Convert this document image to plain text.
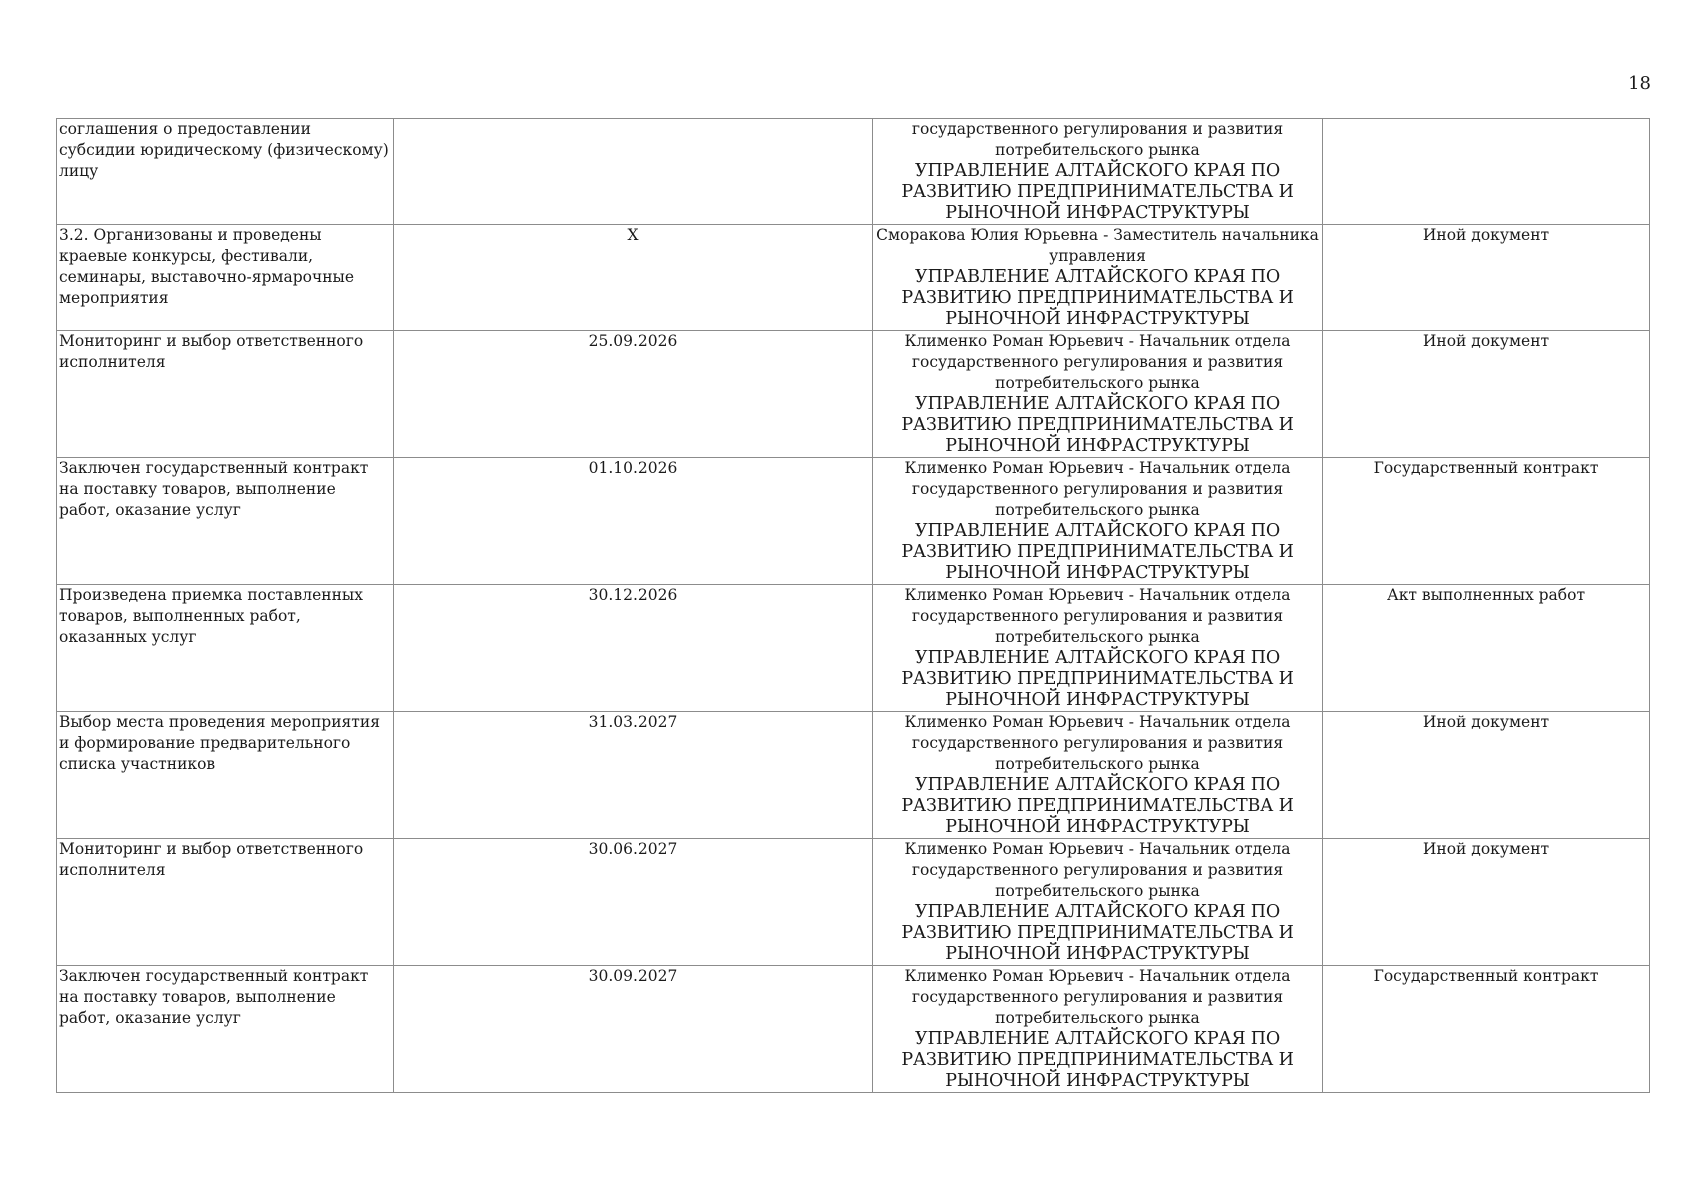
18
соглашения о предоставлении субсидии юридическому (физическому) лицу		государственного регулирования и развития потребительского рынка
УПРАВЛЕНИЕ АЛТАЙСКОГО КРАЯ ПО РАЗВИТИЮ ПРЕДПРИНИМАТЕЛЬСТВА И РЫНОЧНОЙ ИНФРАСТРУКТУРЫ	

3.2. Организованы и проведены краевые конкурсы, фестивали, семинары, выставочно-ярмарочные мероприятия	X	Сморакова Юлия Юрьевна - Заместитель начальника управления
УПРАВЛЕНИЕ АЛТАЙСКОГО КРАЯ ПО РАЗВИТИЮ ПРЕДПРИНИМАТЕЛЬСТВА И РЫНОЧНОЙ ИНФРАСТРУКТУРЫ	Иной документ
Мониторинг и выбор ответственного исполнителя	25.09.2026	Клименко Роман Юрьевич - Начальник отдела государственного регулирования и развития потребительского рынка
УПРАВЛЕНИЕ АЛТАЙСКОГО КРАЯ ПО РАЗВИТИЮ ПРЕДПРИНИМАТЕЛЬСТВА И РЫНОЧНОЙ ИНФРАСТРУКТУРЫ	Иной документ
Заключен государственный контракт на поставку товаров, выполнение работ, оказание услуг	01.10.2026	Клименко Роман Юрьевич - Начальник отдела государственного регулирования и развития потребительского рынка
УПРАВЛЕНИЕ АЛТАЙСКОГО КРАЯ ПО РАЗВИТИЮ ПРЕДПРИНИМАТЕЛЬСТВА И РЫНОЧНОЙ ИНФРАСТРУКТУРЫ	Государственный контракт
Произведена приемка поставленных товаров, выполненных работ, оказанных услуг	30.12.2026	Клименко Роман Юрьевич - Начальник отдела государственного регулирования и развития потребительского рынка
УПРАВЛЕНИЕ АЛТАЙСКОГО КРАЯ ПО РАЗВИТИЮ ПРЕДПРИНИМАТЕЛЬСТВА И РЫНОЧНОЙ ИНФРАСТРУКТУРЫ	Акт выполненных работ
Выбор места проведения мероприятия и формирование предварительного списка участников	31.03.2027	Клименко Роман Юрьевич - Начальник отдела государственного регулирования и развития потребительского рынка
УПРАВЛЕНИЕ АЛТАЙСКОГО КРАЯ ПО РАЗВИТИЮ ПРЕДПРИНИМАТЕЛЬСТВА И РЫНОЧНОЙ ИНФРАСТРУКТУРЫ	Иной документ
Мониторинг и выбор ответственного исполнителя	30.06.2027	Клименко Роман Юрьевич - Начальник отдела государственного регулирования и развития потребительского рынка
УПРАВЛЕНИЕ АЛТАЙСКОГО КРАЯ ПО РАЗВИТИЮ ПРЕДПРИНИМАТЕЛЬСТВА И РЫНОЧНОЙ ИНФРАСТРУКТУРЫ	Иной документ
Заключен государственный контракт на поставку товаров, выполнение работ, оказание услуг	30.09.2027	Клименко Роман Юрьевич - Начальник отдела государственного регулирования и развития потребительского рынка
УПРАВЛЕНИЕ АЛТАЙСКОГО КРАЯ ПО РАЗВИТИЮ ПРЕДПРИНИМАТЕЛЬСТВА И РЫНОЧНОЙ ИНФРАСТРУКТУРЫ	Государственный контракт
